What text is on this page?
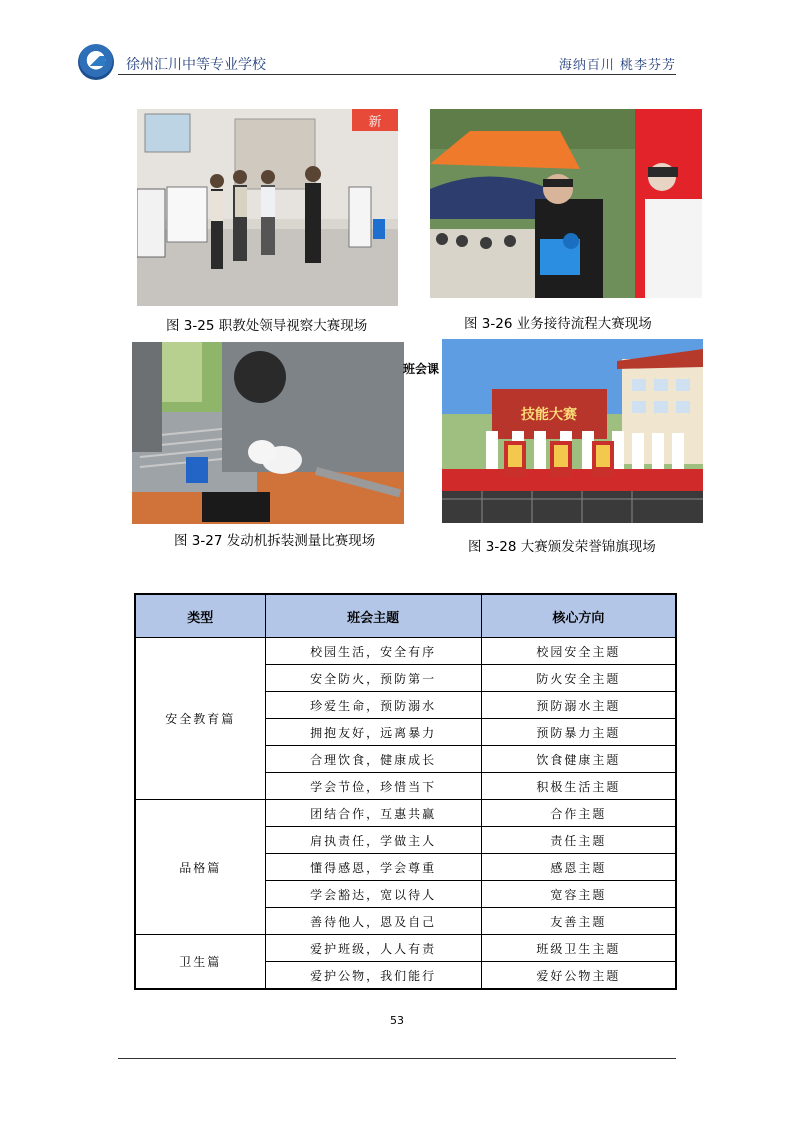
徐州汇川中等专业学校	海纳百川 桃李芬芳
新
图 3-25 职教处领导视察大赛现场	图 3-26 业务接待流程大赛现场
班会课
图 3-27 发动机拆装测量比赛现场
技能大赛
图 3-28 大赛颁发荣誉锦旗现场
类型	班会主题	核心方向
安全教育篇	校园生活，安全有序	校园安全主题
	安全防火，预防第一	防火安全主题
	珍爱生命，预防溺水	预防溺水主题
	拥抱友好，远离暴力	预防暴力主题
	合理饮食，健康成长	饮食健康主题
	学会节俭，珍惜当下	积极生活主题
品格篇	团结合作，互惠共赢	合作主题
	肩执责任，学做主人	责任主题
	懂得感恩，学会尊重	感恩主题
	学会豁达，宽以待人	宽容主题
	善待他人，恩及自己	友善主题
卫生篇	爱护班级，人人有责	班级卫生主题
	爱护公物，我们能行	爱好公物主题
53
